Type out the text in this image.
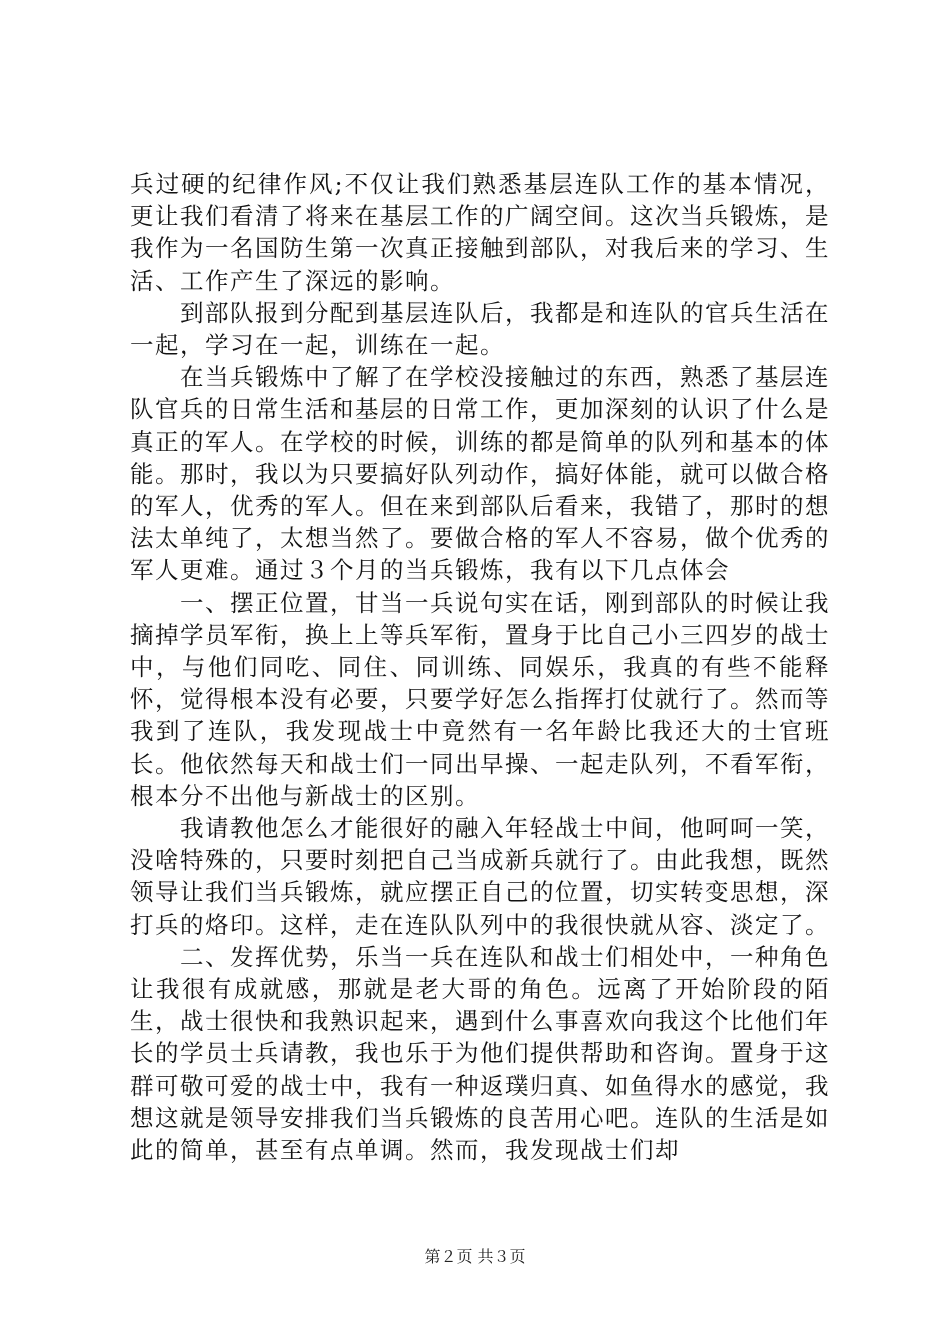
兵过硬的纪律作风;不仅让我们熟悉基层连队工作的基本情况，更让我们看清了将来在基层工作的广阔空间。这次当兵锻炼，是我作为一名国防生第一次真正接触到部队，对我后来的学习、生活、工作产生了深远的影响。

到部队报到分配到基层连队后，我都是和连队的官兵生活在一起，学习在一起，训练在一起。

在当兵锻炼中了解了在学校没接触过的东西，熟悉了基层连队官兵的日常生活和基层的日常工作，更加深刻的认识了什么是真正的军人。在学校的时候，训练的都是简单的队列和基本的体能。那时，我以为只要搞好队列动作，搞好体能，就可以做合格的军人，优秀的军人。但在来到部队后看来，我错了，那时的想法太单纯了，太想当然了。要做合格的军人不容易，做个优秀的军人更难。通过３个月的当兵锻炼，我有以下几点体会

一、摆正位置，甘当一兵说句实在话，刚到部队的时候让我摘掉学员军衔，换上上等兵军衔，置身于比自己小三四岁的战士中，与他们同吃、同住、同训练、同娱乐，我真的有些不能释怀，觉得根本没有必要，只要学好怎么指挥打仗就行了。然而等我到了连队，我发现战士中竟然有一名年龄比我还大的士官班长。他依然每天和战士们一同出早操、一起走队列，不看军衔，根本分不出他与新战士的区别。

我请教他怎么才能很好的融入年轻战士中间，他呵呵一笑，没啥特殊的，只要时刻把自己当成新兵就行了。由此我想，既然领导让我们当兵锻炼，就应摆正自己的位置，切实转变思想，深打兵的烙印。这样，走在连队队列中的我很快就从容、淡定了。

二、发挥优势，乐当一兵在连队和战士们相处中，一种角色让我很有成就感，那就是老大哥的角色。远离了开始阶段的陌生，战士很快和我熟识起来，遇到什么事喜欢向我这个比他们年长的学员士兵请教，我也乐于为他们提供帮助和咨询。置身于这群可敬可爱的战士中，我有一种返璞归真、如鱼得水的感觉，我想这就是领导安排我们当兵锻炼的良苦用心吧。连队的生活是如此的简单，甚至有点单调。然而，我发现战士们却

第２页 共３页
